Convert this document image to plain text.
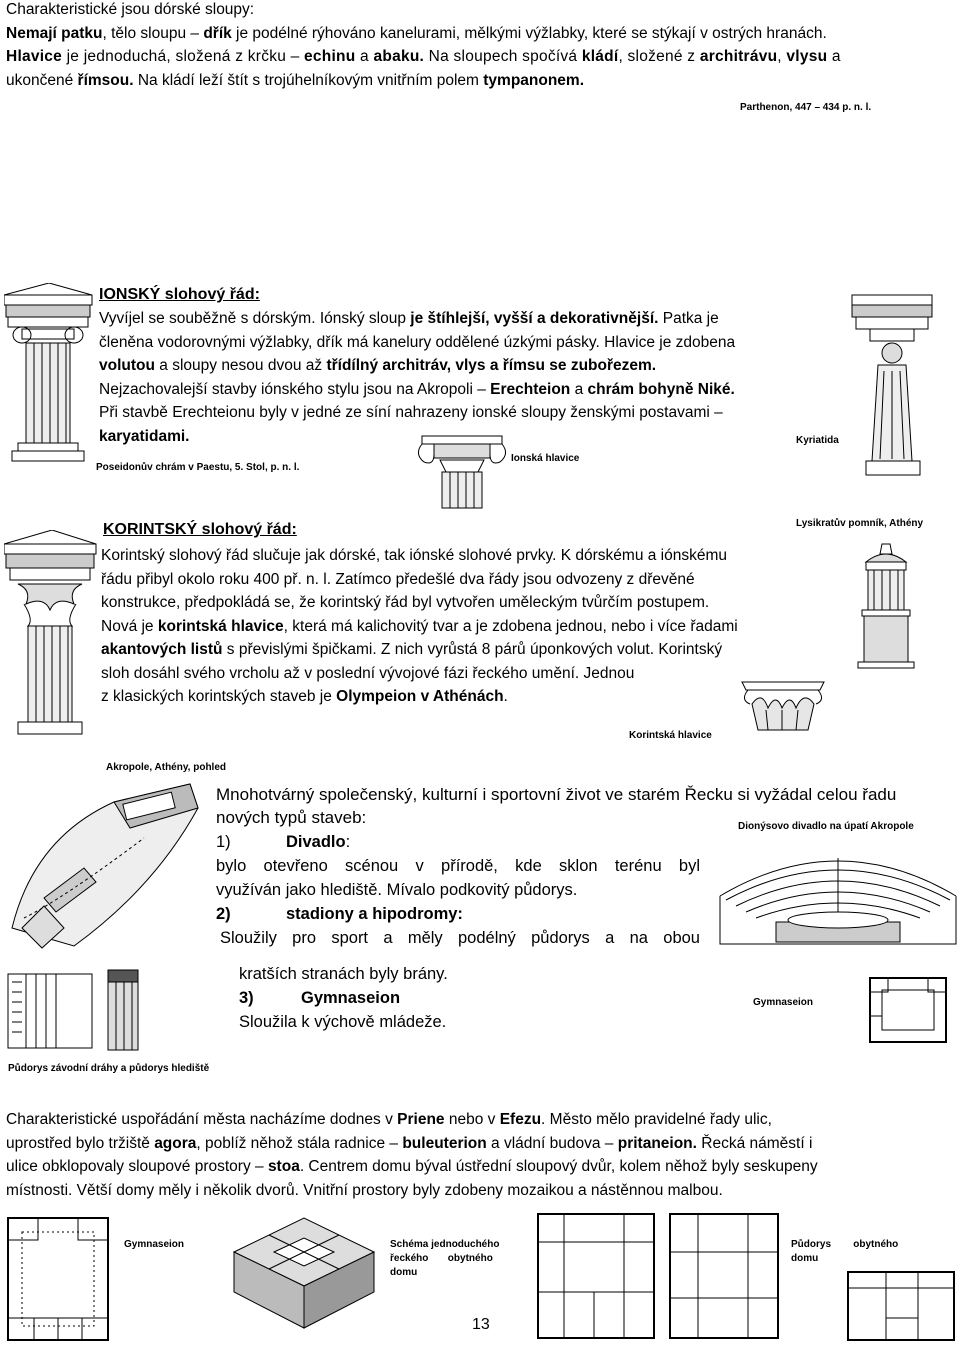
Charakteristické jsou dórské sloupy:
Nemají patku, tělo sloupu – dřík je podélné rýhováno kanelurami, mělkými výžlabky, které se stýkají v ostrých hranách.
Hlavice je jednoduchá, složená z krčku – echinu a abaku. Na sloupech spočívá kládí, složené z architrávu, vlysu a
ukončené římsou. Na kládí leží štít s trojúhelníkovým vnitřním polem tympanonem.
Parthenon, 447 – 434 p. n. l.
IONSKÝ slohový řád:
Vyvíjel se souběžně s dórským. Iónský sloup je štíhlejší, vyšší a dekorativnější. Patka je
členěna vodorovnými výžlabky, dřík má kanelury oddělené úzkými pásky. Hlavice je zdobena
volutou a sloupy nesou dvou až třídílný architráv, vlys a římsu se zubořezem.
Nejzachovalejší stavby iónského stylu jsou na Akropoli – Erechteion a chrám bohyně Niké.
Při stavbě Erechteionu byly v jedné ze síní nahrazeny ionské sloupy ženskými postavami –
karyatidami.	Kyriatida
Poseidonův chrám v Paestu, 5. Stol, p. n. l.
Ionská hlavice
Lysikratův pomník, Athény
KORINTSKÝ slohový řád:
Korintský slohový řád slučuje jak dórské, tak iónské slohové prvky. K dórskému a iónskému
řádu přibyl okolo roku 400 př. n. l. Zatímco předešlé dva řády jsou odvozeny z dřevěné
konstrukce, předpokládá se, že korintský řád byl vytvořen uměleckým tvůrčím postupem.
Nová je korintská hlavice, která má kalichovitý tvar a je zdobena jednou, nebo i více řadami
akantových listů s převislými špičkami. Z nich vyrůstá 8 párů úponkových volut. Korintský
sloh dosáhl svého vrcholu až v poslední vývojové fázi řeckého umění. Jednou
z klasických korintských staveb je Olympeion v Athénách.
Korintská hlavice
Akropole, Athény, pohled
Mnohotvárný společenský, kulturní i sportovní život ve starém Řecku si vyžádal celou řadu
nových typů staveb:	Dionýsovo divadlo na úpatí Akropole
1)	Divadlo:
bylo otevřeno scénou v přírodě, kde sklon terénu byl
využíván jako hlediště. Mívalo podkovitý půdorys.
2)	stadiony a hipodromy:
Sloužily pro sport a měly podélný půdorys a na obou
kratších stranách byly brány.
3)	Gymnaseion
Sloužila k výchově mládeže.
Gymnaseion
Půdorys závodní dráhy a půdorys hlediště
Charakteristické uspořádání města nacházíme dodnes v Priene nebo v Efezu. Město mělo pravidelné řady ulic,
uprostřed bylo tržiště agora, poblíž něhož stála radnice – buleuterion a vládní budova – pritaneion. Řecká náměstí i
ulice obklopovaly sloupové prostory – stoa. Centrem domu býval ústřední sloupový dvůr, kolem něhož byly seskupeny
místnosti. Větší domy měly i několik dvorů. Vnitřní prostory byly zdobeny mozaikou a nástěnnou malbou.
Gymnaseion	Schéma jednoduchého
řeckého       obytného
domu
Půdorys        obytného
domu
13
